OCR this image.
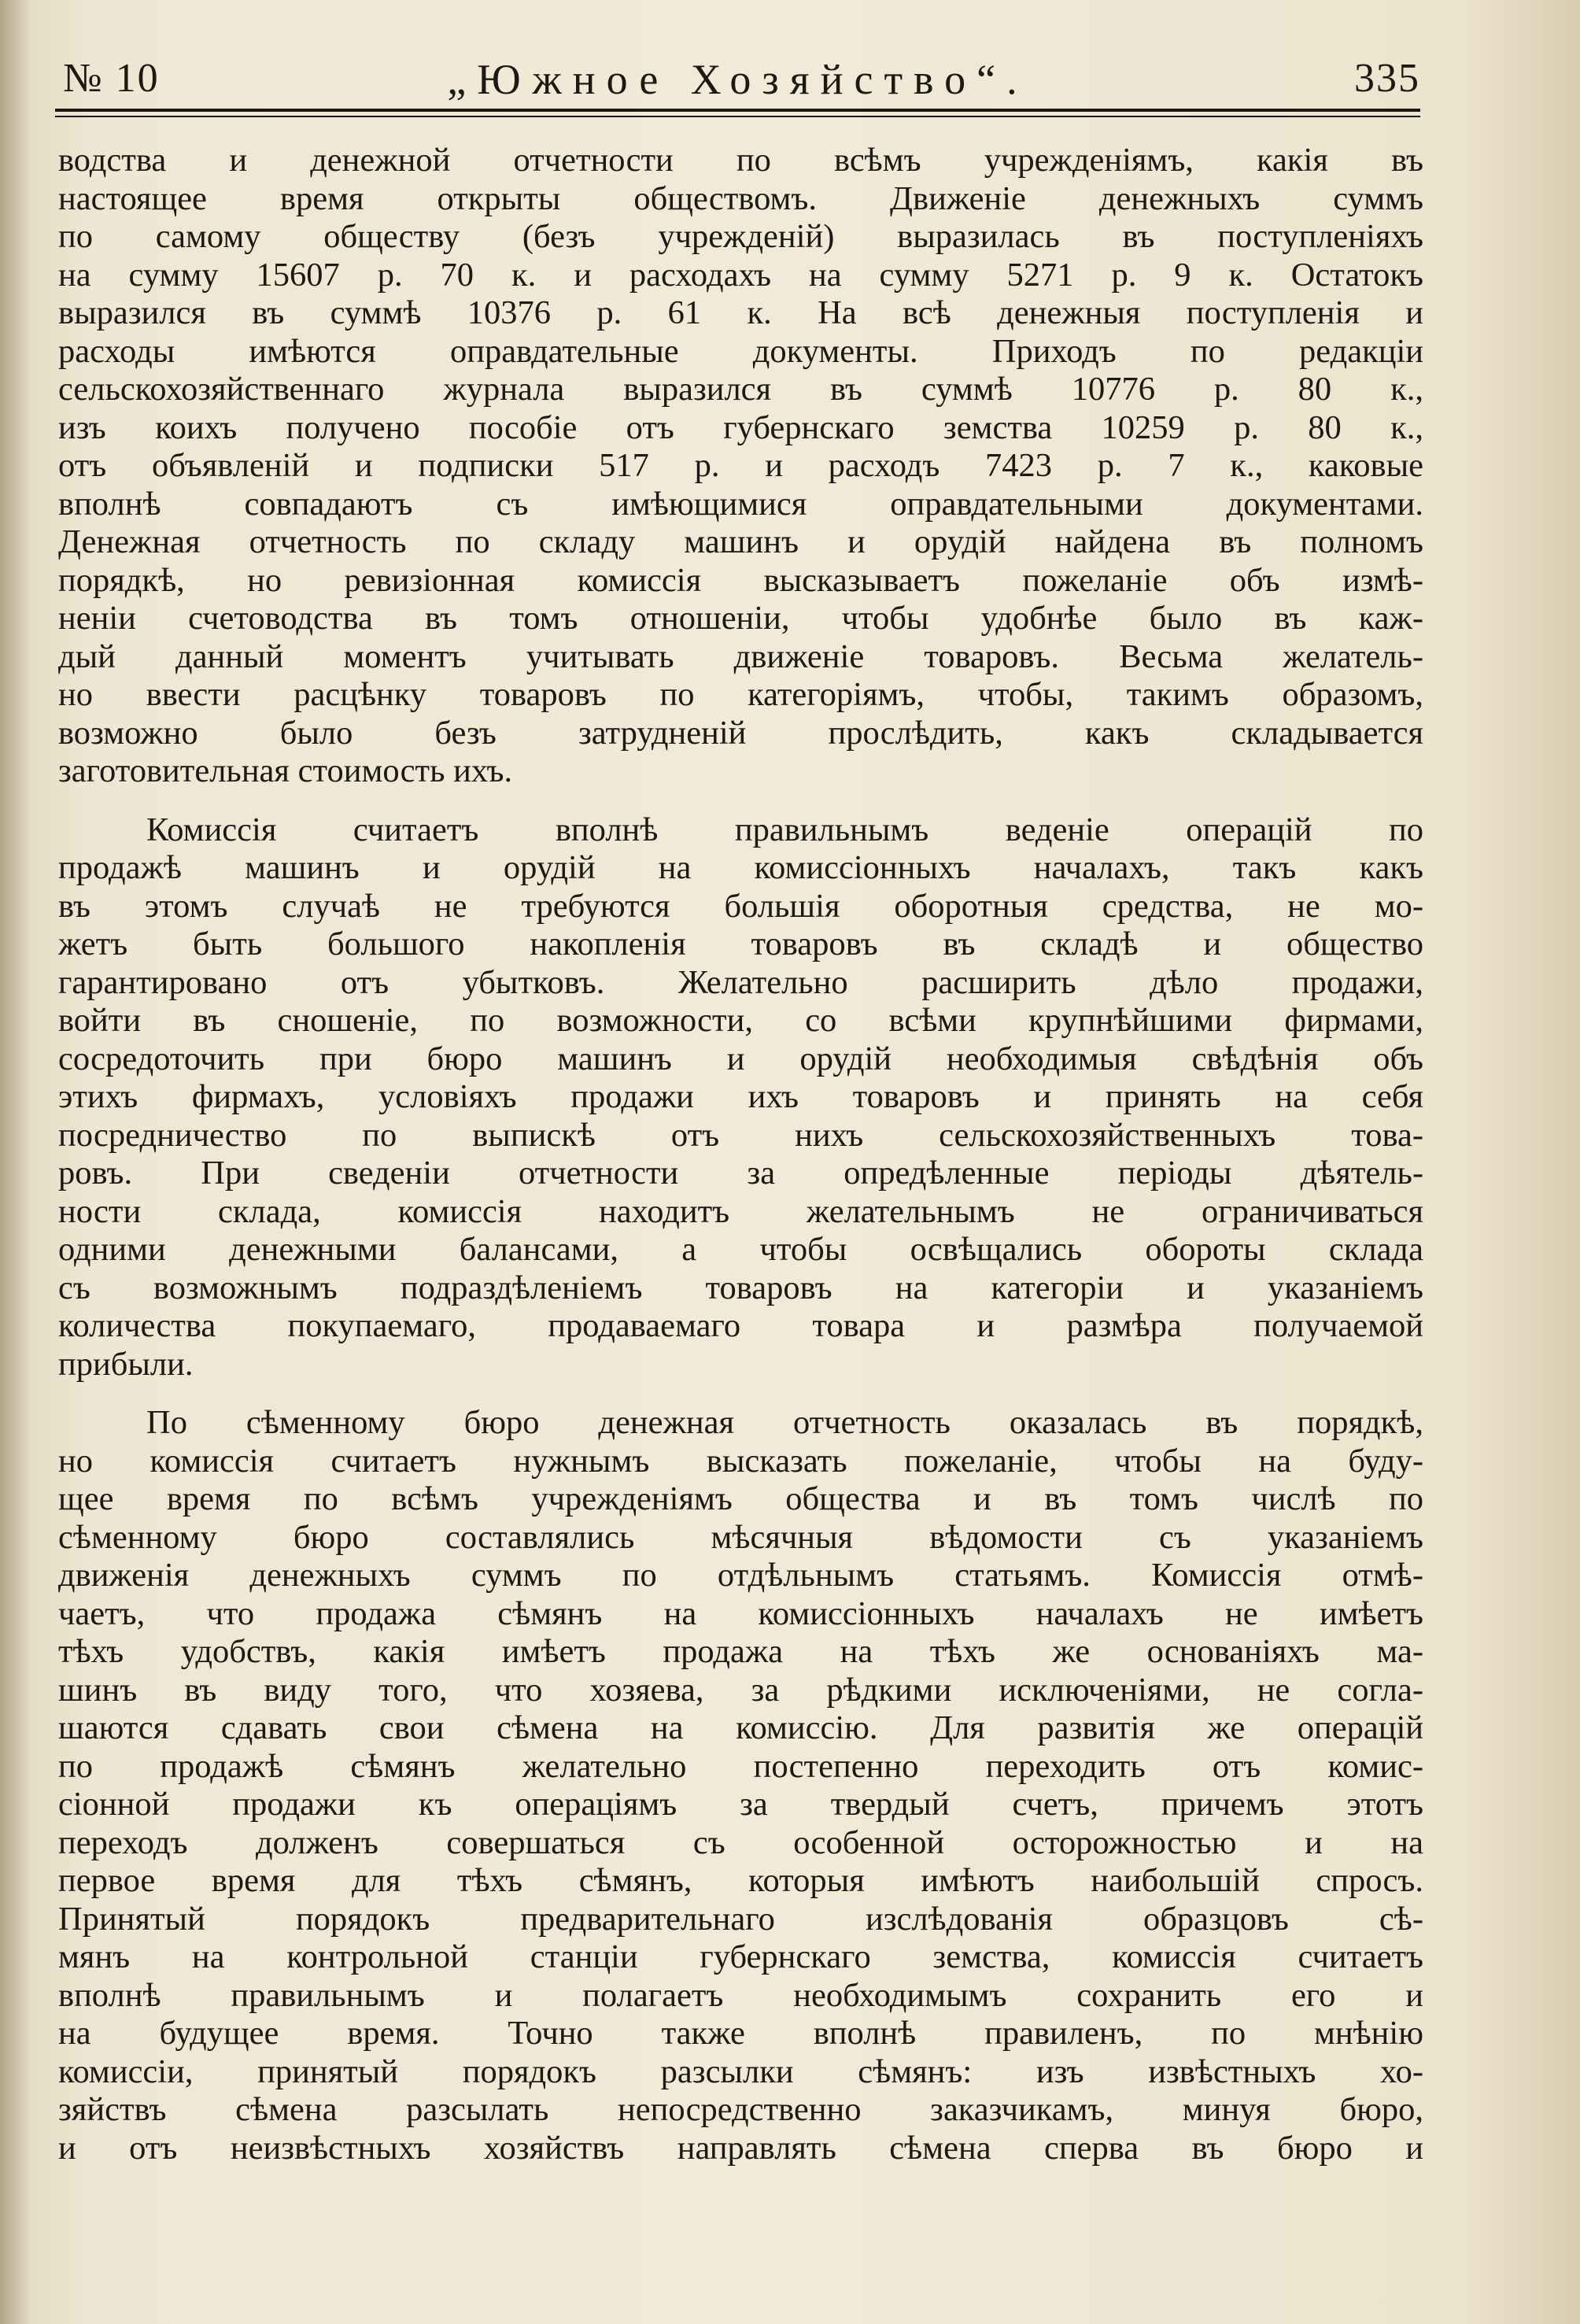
№ 10	„Южное Хозяйство“.	335
водства и денежной отчетности по всѣмъ учрежденiямъ, какiя въ
настоящее время открыты обществомъ. Движенiе денежныхъ суммъ
по самому обществу (безъ учрежденiй) выразилась въ поступленiяхъ
на сумму 15607 р. 70 к. и расходахъ на сумму 5271 р. 9 к. Остатокъ
выразился въ суммѣ 10376 р. 61 к. На всѣ денежныя поступленiя и
расходы имѣются оправдательные документы. Приходъ по редакцiи
сельскохозяйственнаго журнала выразился въ суммѣ 10776 р. 80 к.,
изъ коихъ получено пособiе отъ губернскаго земства 10259 р. 80 к.,
отъ объявленiй и подписки 517 р. и расходъ 7423 р. 7 к., каковые
вполнѣ совпадаютъ съ имѣющимися оправдательными документами.
Денежная отчетность по складу машинъ и орудiй найдена въ полномъ
порядкѣ, но ревизiонная комиссiя высказываетъ пожеланiе объ измѣ-
ненiи счетоводства въ томъ отношенiи, чтобы удобнѣе было въ каж-
дый данный моментъ учитывать движенiе товаровъ. Весьма желатель-
но ввести расцѣнку товаровъ по категорiямъ, чтобы, такимъ образомъ,
возможно было безъ затрудненiй прослѣдить, какъ складывается
заготовительная стоимость ихъ.
Комиссiя считаетъ вполнѣ правильнымъ веденiе операцiй по
продажѣ машинъ и орудiй на комиссiонныхъ началахъ, такъ какъ
въ этомъ случаѣ не требуются большiя оборотныя средства, не мо-
жетъ быть большого накопленiя товаровъ въ складѣ и общество
гарантировано отъ убытковъ. Желательно расширить дѣло продажи,
войти въ сношенiе, по возможности, со всѣми крупнѣйшими фирмами,
сосредоточить при бюро машинъ и орудiй необходимыя свѣдѣнiя объ
этихъ фирмахъ, условiяхъ продажи ихъ товаровъ и принять на себя
посредничество по выпискѣ отъ нихъ сельскохозяйственныхъ това-
ровъ. При сведенiи отчетности за опредѣленные перiоды дѣятель-
ности склада, комиссiя находитъ желательнымъ не ограничиваться
одними денежными балансами, а чтобы освѣщались обороты склада
съ возможнымъ подраздѣленiемъ товаровъ на категорiи и указанiемъ
количества покупаемаго, продаваемаго товара и размѣра получаемой
прибыли.
По сѣменному бюро денежная отчетность оказалась въ порядкѣ,
но комиссiя считаетъ нужнымъ высказать пожеланiе, чтобы на буду-
щее время по всѣмъ учрежденiямъ общества и въ томъ числѣ по
сѣменному бюро составлялись мѣсячныя вѣдомости съ указанiемъ
движенiя денежныхъ суммъ по отдѣльнымъ статьямъ. Комиссiя отмѣ-
чаетъ, что продажа сѣмянъ на комиссiонныхъ началахъ не имѣетъ
тѣхъ удобствъ, какiя имѣетъ продажа на тѣхъ же основанiяхъ ма-
шинъ въ виду того, что хозяева, за рѣдкими исключенiями, не согла-
шаются сдавать свои сѣмена на комиссiю. Для развитiя же операцiй
по продажѣ сѣмянъ желательно постепенно переходить отъ комис-
сiонной продажи къ операцiямъ за твердый счетъ, причемъ этотъ
переходъ долженъ совершаться съ особенной осторожностью и на
первое время для тѣхъ сѣмянъ, которыя имѣютъ наибольшiй спросъ.
Принятый порядокъ предварительнаго изслѣдованiя образцовъ сѣ-
мянъ на контрольной станцiи губернскаго земства, комиссiя считаетъ
вполнѣ правильнымъ и полагаетъ необходимымъ сохранить его и
на будущее время. Точно также вполнѣ правиленъ, по мнѣнiю
комиссiи, принятый порядокъ разсылки сѣмянъ: изъ извѣстныхъ хо-
зяйствъ сѣмена разсылать непосредственно заказчикамъ, минуя бюро,
и отъ неизвѣстныхъ хозяйствъ направлять сѣмена сперва въ бюро и
